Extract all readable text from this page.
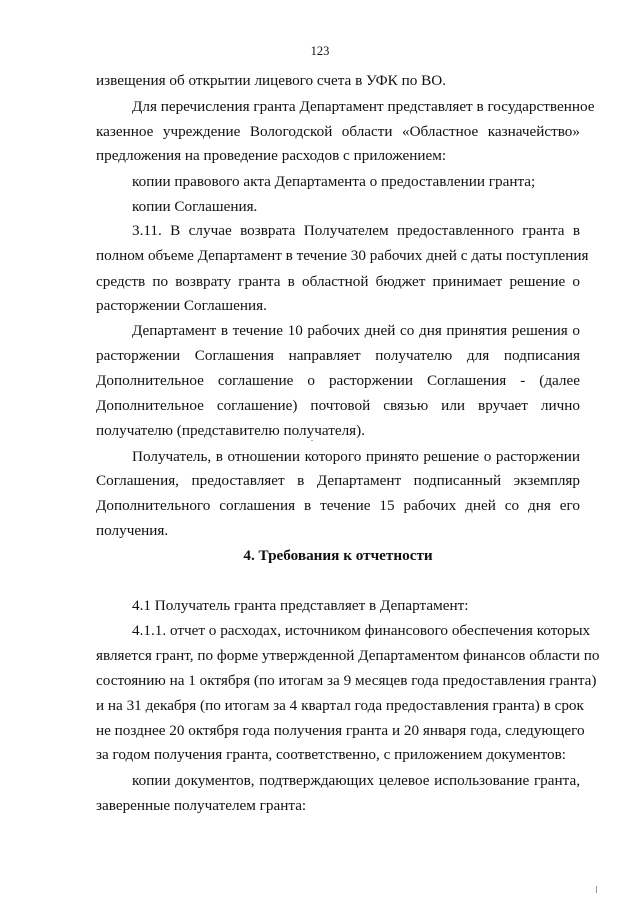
123
извещения об открытии лицевого счета в УФК по ВО.
Для перечисления гранта Департамент представляет в государственное
казенное учреждение Вологодской области «Областное казначейство»
предложения на проведение расходов с приложением:
копии правового акта Департамента о предоставлении гранта;
копии Соглашения.
3.11. В случае возврата Получателем предоставленного гранта в
полном объеме Департамент в течение 30 рабочих дней с даты поступления
средств по возврату гранта в областной бюджет принимает решение о
расторжении Соглашения.
Департамент в течение 10 рабочих дней со дня принятия решения о
расторжении Соглашения направляет получателю для подписания
Дополнительное соглашение о расторжении Соглашения - (далее
Дополнительное соглашение) почтовой связью или вручает лично
получателю (представителю получателя).
Получатель, в отношении которого принято решение о расторжении
Соглашения, предоставляет в Департамент подписанный экземпляр
Дополнительного соглашения в течение 15 рабочих дней со дня его
получения.
4. Требования к отчетности
4.1 Получатель гранта представляет в Департамент:
4.1.1. отчет о расходах, источником финансового обеспечения которых
является грант, по форме утвержденной Департаментом финансов области по
состоянию на 1 октября (по итогам за 9 месяцев года предоставления гранта)
и на 31 декабря (по итогам за 4 квартал года предоставления гранта) в срок
не позднее 20 октября года получения гранта и 20 января года, следующего
за годом получения гранта, соответственно, с приложением документов:
копии документов, подтверждающих целевое использование гранта,
заверенные получателем гранта:
